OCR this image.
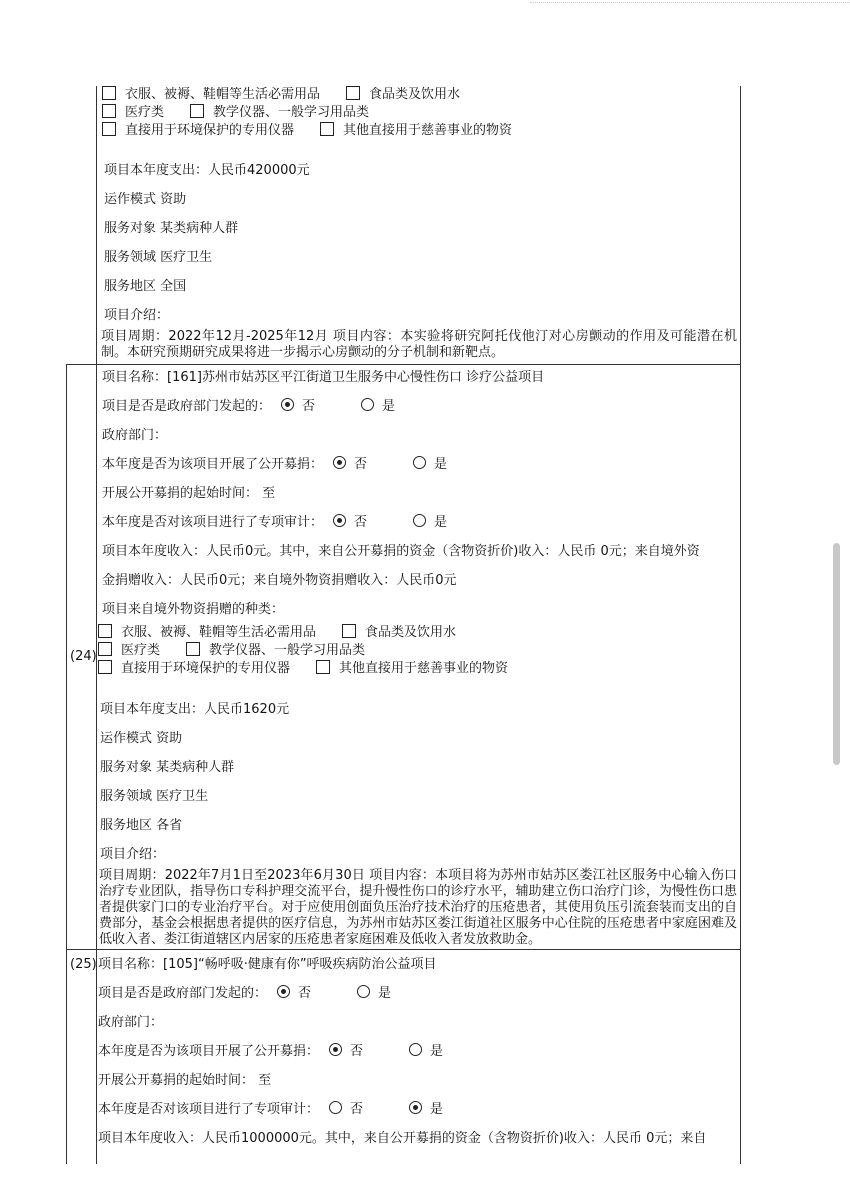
衣服、被褥、鞋帽等生活必需用品	食品类及饮用水
医疗类	教学仪器、一般学习用品类
直接用于环境保护的专用仪器	其他直接用于慈善事业的物资
项目本年度支出：人民币420000元
运作模式 资助
服务对象 某类病种人群
服务领域 医疗卫生
服务地区 全国
项目介绍：
项目周期：2022年12月-2025年12月 项目内容：本实验将研究阿托伐他汀对心房颤动的作用及可能潜在机制。本研究预期研究成果将进一步揭示心房颤动的分子机制和新靶点。
(24)
项目名称：[161]苏州市姑苏区平江街道卫生服务中心慢性伤口 诊疗公益项目
项目是否是政府部门发起的： 否	是
政府部门：
本年度是否为该项目开展了公开募捐： 否	是
开展公开募捐的起始时间： 至
本年度是否对该项目进行了专项审计： 否	是
项目本年度收入：人民币0元。其中，来自公开募捐的资金（含物资折价)收入：人民币 0元；来自境外资
金捐赠收入：人民币0元；来自境外物资捐赠收入：人民币0元
项目来自境外物资捐赠的种类：
衣服、被褥、鞋帽等生活必需用品	食品类及饮用水
医疗类	教学仪器、一般学习用品类
直接用于环境保护的专用仪器	其他直接用于慈善事业的物资
项目本年度支出：人民币1620元
运作模式 资助
服务对象 某类病种人群
服务领域 医疗卫生
服务地区 各省
项目介绍：
项目周期：2022年7月1日至2023年6月30日 项目内容：本项目将为苏州市姑苏区娄江社区服务中心输入伤口治疗专业团队，指导伤口专科护理交流平台，提升慢性伤口的诊疗水平，辅助建立伤口治疗门诊，为慢性伤口患者提供家门口的专业治疗平台。对于应使用创面负压治疗技术治疗的压疮患者，其使用负压引流套装而支出的自费部分，基金会根据患者提供的医疗信息，为苏州市姑苏区娄江街道社区服务中心住院的压疮患者中家庭困难及低收入者、娄江街道辖区内居家的压疮患者家庭困难及低收入者发放救助金。
(25) 项目名称：[105]“畅呼吸·健康有你”呼吸疾病防治公益项目
项目是否是政府部门发起的： 否	是
政府部门：
本年度是否为该项目开展了公开募捐： 否	是
开展公开募捐的起始时间： 至
本年度是否对该项目进行了专项审计： 否	是
项目本年度收入：人民币1000000元。其中，来自公开募捐的资金（含物资折价)收入：人民币 0元；来自
